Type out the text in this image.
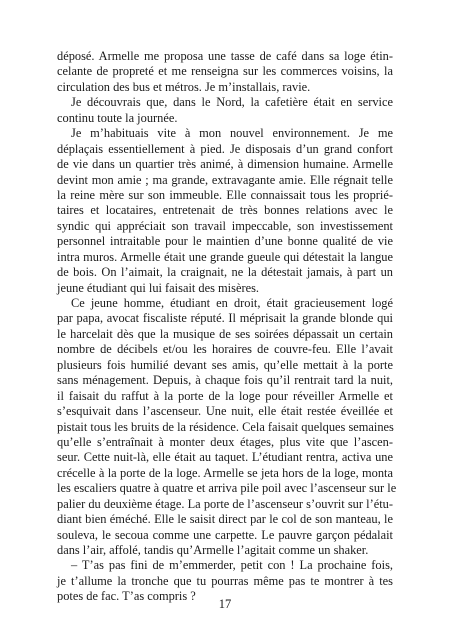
déposé. Armelle me proposa une tasse de café dans sa loge étin-
celante de propreté et me renseigna sur les commerces voisins, la
circulation des bus et métros. Je m’installais, ravie.
Je découvrais que, dans le Nord, la cafetière était en service
continu toute la journée.
Je m’habituais vite à mon nouvel environnement. Je me
déplaçais essentiellement à pied. Je disposais d’un grand confort
de vie dans un quartier très animé, à dimension humaine. Armelle
devint mon amie ; ma grande, extravagante amie. Elle régnait telle
la reine mère sur son immeuble. Elle connaissait tous les proprié-
taires et locataires, entretenait de très bonnes relations avec le
syndic qui appréciait son travail impeccable, son investissement
personnel intraitable pour le maintien d’une bonne qualité de vie
intra muros. Armelle était une grande gueule qui détestait la langue
de bois. On l’aimait, la craignait, ne la détestait jamais, à part un
jeune étudiant qui lui faisait des misères.
Ce jeune homme, étudiant en droit, était gracieusement logé
par papa, avocat fiscaliste réputé. Il méprisait la grande blonde qui
le harcelait dès que la musique de ses soirées dépassait un certain
nombre de décibels et/ou les horaires de couvre-feu. Elle l’avait
plusieurs fois humilié devant ses amis, qu’elle mettait à la porte
sans ménagement. Depuis, à chaque fois qu’il rentrait tard la nuit,
il faisait du raffut à la porte de la loge pour réveiller Armelle et
s’esquivait dans l’ascenseur. Une nuit, elle était restée éveillée et
pistait tous les bruits de la résidence. Cela faisait quelques semaines
qu’elle s’entraînait à monter deux étages, plus vite que l’ascen-
seur. Cette nuit-là, elle était au taquet. L’étudiant rentra, activa une
crécelle à la porte de la loge. Armelle se jeta hors de la loge, monta
les escaliers quatre à quatre et arriva pile poil avec l’ascenseur sur le
palier du deuxième étage. La porte de l’ascenseur s’ouvrit sur l’étu-
diant bien éméché. Elle le saisit direct par le col de son manteau, le
souleva, le secoua comme une carpette. Le pauvre garçon pédalait
dans l’air, affolé, tandis qu’Armelle l’agitait comme un shaker.
– T’as pas fini de m’emmerder, petit con ! La prochaine fois,
je t’allume la tronche que tu pourras même pas te montrer à tes
potes de fac. T’as compris ?
17
